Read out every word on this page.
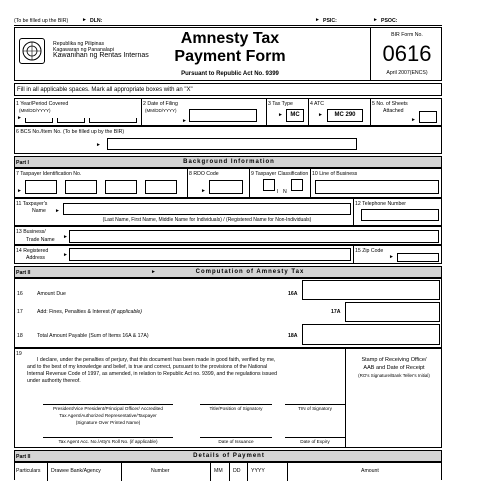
(To be filled up the BIR)	► DLN:	► PSIC:	► PSOC:
Republika ng Pilipinas
Kagawaran ng Pananalapi
Kawanihan ng Rentas Internas
Amnesty Tax
Payment Form
Pursuant to Republic Act No. 9399
BIR Form No.
0616
April 2007(ENCS)
Fill in all applicable spaces. Mark all appropriate boxes with an "X"
1 Year/Period Covered
(MM/DD/YYYY)
►
2 Date of Filing
(MM/DD/YYYY)
►
3 Tax Type
►	MC
4 ATC
►	MC 290
5 No. of Sheets
Attached
►
6 BCS No./Item No. (To be filled up by the BIR)
►
Part I	Background Information
7 Taxpayer Identification No.
►
8 RDO Code
►
9 Taxpayer Classification
I N
10 Line of Business
11 Taxpayer's
Name ►
(Last Name, First Name, Middle Name for Individuals) / (Registered Name for Non-Individuals)
12 Telephone Number
13 Business/
Trade Name ►
14 Registered
Address	►
15 Zip Code
►
Part II	►	Computation of Amnesty Tax
16	Amount Due	16A
17	Add: Fines, Penalties & Interest (if applicable)	17A
18	Total Amount Payable (Sum of Items 16A & 17A)	18A
19
I declare, under the penalties of perjury, that this document has been made in good faith, verified by me,
and to the best of my knowledge and belief, is true and correct, pursuant to the provisions of the National
Internal Revenue Code of 1997, as amended, in relation to Republic Act no. 9399, and the regulations issued
under authority thereof.
President/Vice President/Principal Officer/ Accredited
Tax Agent/Authorized Representative/Taxpayer
(Signature Over Printed Name)
Title/Position of Signatory	TIN of Signatory
Tax Agent Acc. No./Atty's Roll No. (if applicable)	Date of Issuance	Date of Expiry
Stamp of Receiving Office/
AAB and Date of Receipt
(RO's Signature/Bank Teller's Initial)
Part II	Details of Payment
Particulars Drawee Bank/Agency	Number	MM DD YYYY	Amount
